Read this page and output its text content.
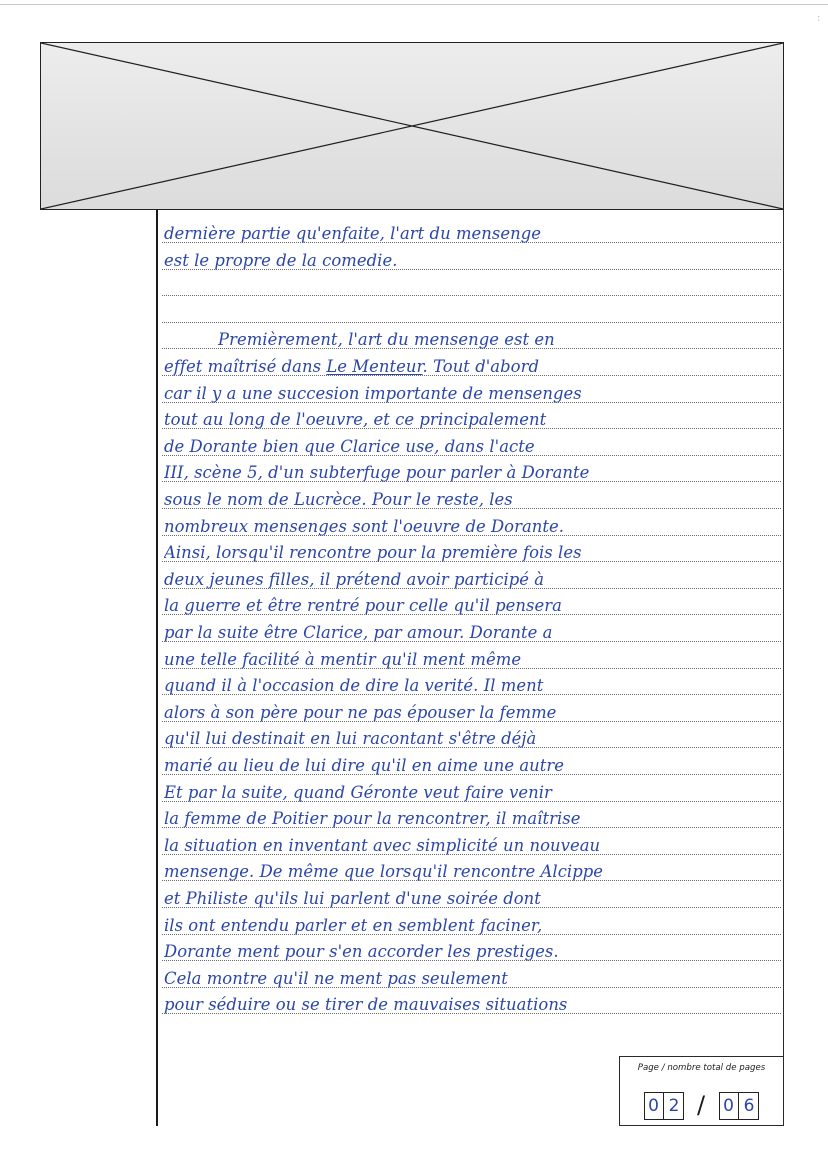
:
dernière partie qu'enfaite, l'art du mensenge
est le propre de la comedie.
Premièrement, l'art du mensenge est en
effet maîtrisé dans Le Menteur. Tout d'abord
car il y a une succesion importante de mensenges
tout au long de l'oeuvre, et ce principalement
de Dorante bien que Clarice use, dans l'acte
III, scène 5, d'un subterfuge pour parler à Dorante
sous le nom de Lucrèce. Pour le reste, les
nombreux mensenges sont l'oeuvre de Dorante.
Ainsi, lorsqu'il rencontre pour la première fois les
deux jeunes filles, il prétend avoir participé à
la guerre et être rentré pour celle qu'il pensera
par la suite être Clarice, par amour. Dorante a
une telle facilité à mentir qu'il ment même
quand il à l'occasion de dire la verité. Il ment
alors à son père pour ne pas épouser la femme
qu'il lui destinait en lui racontant s'être déjà
marié au lieu de lui dire qu'il en aime une autre
Et par la suite, quand Géronte veut faire venir
la femme de Poitier pour la rencontrer, il maîtrise
la situation en inventant avec simplicité un nouveau
mensenge. De même que lorsqu'il rencontre Alcippe
et Philiste qu'ils lui parlent d'une soirée dont
ils ont entendu parler et en semblent faciner,
Dorante ment pour s'en accorder les prestiges.
Cela montre qu'il ne ment pas seulement
pour séduire ou se tirer de mauvaises situations
Page / nombre total de pages
0 2 / 0 6
